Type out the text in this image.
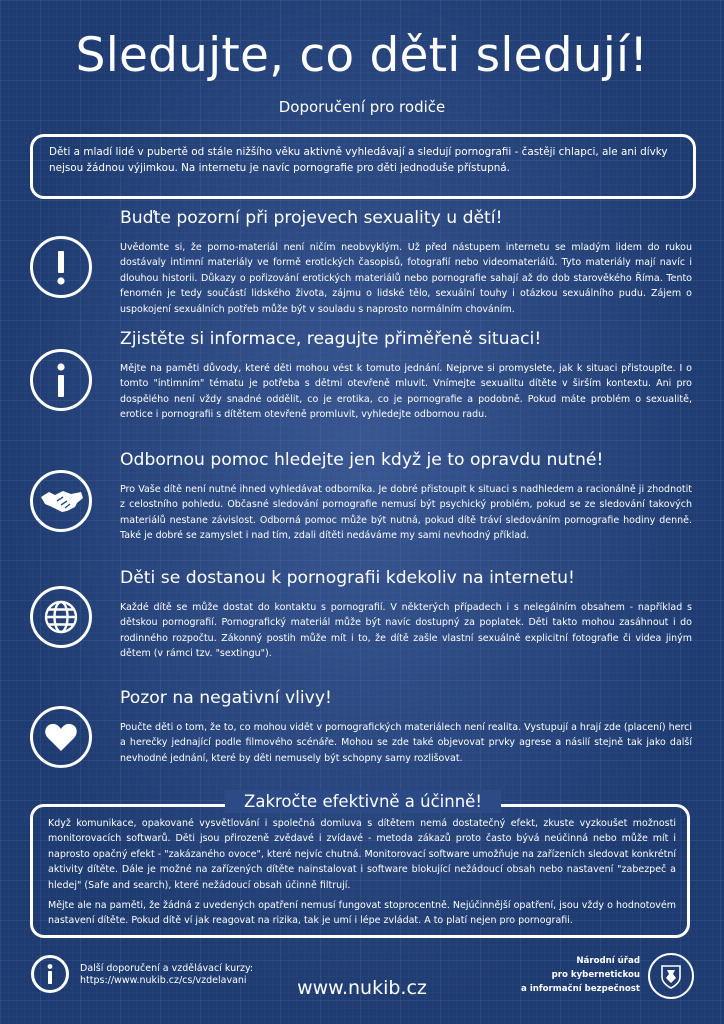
Sledujte, co děti sledují!
Doporučení pro rodiče
Děti a mladí lidé v pubertě od stále nižšího věku aktivně vyhledávají a sledují pornografii - častěji chlapci, ale ani dívky nejsou žádnou výjimkou. Na internetu je navíc pornografie pro děti jednoduše přístupná.
Buďte pozorní při projevech sexuality u dětí!
Uvědomte si, že porno-materiál není ničím neobvyklým. Už před nástupem internetu se mladým lidem do rukou dostávaly intimní materiály ve formě erotických časopisů, fotografií nebo videomateriálů. Tyto materiály mají navíc i dlouhou historii. Důkazy o pořizování erotických materiálů nebo pornografie sahají až do dob starověkého Říma. Tento fenomén je tedy součástí lidského života, zájmu o lidské tělo, sexuální touhy i otázkou sexuálního pudu. Zájem o uspokojení sexuálních potřeb může být v souladu s naprosto normálním chováním.
Zjistěte si informace, reagujte přiměřeně situaci!
Mějte na paměti důvody, které děti mohou vést k tomuto jednání. Nejprve si promyslete, jak k situaci přistoupíte. I o tomto "intimním" tématu je potřeba s dětmi otevřeně mluvit. Vnímejte sexualitu dítěte v širším kontextu. Ani pro dospělého není vždy snadné oddělit, co je erotika, co je pornografie a podobně. Pokud máte problém o sexualitě, erotice i pornografii s dítětem otevřeně promluvit, vyhledejte odbornou radu.
Odbornou pomoc hledejte jen když je to opravdu nutné!
Pro Vaše dítě není nutné ihned vyhledávat odborníka. Je dobré přistoupit k situaci s nadhledem a racionálně ji zhodnotit z celostního pohledu. Občasné sledování pornografie nemusí být psychický problém, pokud se ze sledování takových materiálů nestane závislost. Odborná pomoc může být nutná, pokud dítě tráví sledováním pornografie hodiny denně. Také je dobré se zamyslet i nad tím, zdali dítěti nedáváme my sami nevhodný příklad.
Děti se dostanou k pornografii kdekoliv na internetu!
Každé dítě se může dostat do kontaktu s pornografií. V některých případech i s nelegálním obsahem - například s dětskou pornografií. Pornografický materiál může být navíc dostupný za poplatek. Děti takto mohou zasáhnout i do rodinného rozpočtu. Zákonný postih může mít i to, že dítě zašle vlastní sexuálně explicitní fotografie či videa jiným dětem (v rámci tzv. "sextingu").
Pozor na negativní vlivy!
Poučte děti o tom, že to, co mohou vidět v pornografických materiálech není realita. Vystupují a hrají zde (placení) herci a herečky jednající podle filmového scénáře. Mohou se zde také objevovat prvky agrese a násilí stejně tak jako další nevhodné jednání, které by děti nemusely být schopny samy rozlišovat.
Zakročte efektivně a účinně!
Když komunikace, opakované vysvětlování i společná domluva s dítětem nemá dostatečný efekt, zkuste vyzkoušet možnosti monitorovacích softwarů. Děti jsou přirozeně zvědavé i zvídavé - metoda zákazů proto často bývá neúčinná nebo může mít i naprosto opačný efekt - "zakázaného ovoce", které nejvíc chutná. Monitorovací software umožňuje na zařízeních sledovat konkrétní aktivity dítěte. Dále je možné na zařízených dítěte nainstalovat i software blokující nežádoucí obsah nebo nastavení "zabezpeč a hledej" (Safe and search), které nežádoucí obsah účinně filtrují.
Mějte ale na paměti, že žádná z uvedených opatření nemusí fungovat stoprocentně. Nejúčinnější opatření, jsou vždy o hodnotovém nastavení dítěte. Pokud dítě ví jak reagovat na rizika, tak je umí i lépe zvládat. A to platí nejen pro pornografii.
Další doporučení a vzdělávací kurzy:
https://www.nukib.cz/cs/vzdelavani	www.nukib.cz
Národní úřad
pro kybernetickou
a informační bezpečnost
